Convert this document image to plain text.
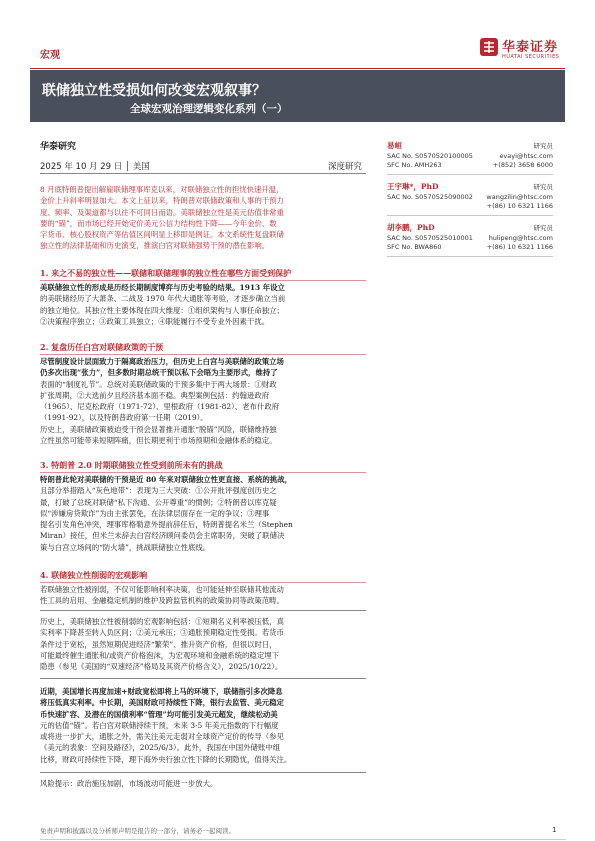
宏观
华泰证券
HUATAI SECURITIES
联储独立性受损如何改变宏观叙事？
全球宏观治理逻辑变化系列（一）
华泰研究
2025 年 10 月 29 日 │ 美国	深度研究
易峘	研究员
SAC No. S0570520100005	evayi@htsc.com
SFC No. AMH263	+(852) 3658 6000
王宇琳*，PhD	研究员
SAC No. S0570525090002 wangzilin@htsc.com
+(86) 10 6321 1166
胡李鹏，PhD	研究员
SAC No. S0570525010001 hulipeng@htsc.com
SFC No. BWA860	+(86) 10 6321 1166
8 月底特朗普提出解雇联储理事库克以来，对联储独立性的担忧快速升温，
金价上升斜率明显加大。本文上征以来，特朗普对联储政策和人事的干预力
度、频率、及渠道都与以往不可同日而语。美联储独立性是美元估值非常重
要的“锚”，而市场已经开始定价美元公信力结构性下降——今年金价、数
字货币、核心股权资产等估值区间明显上移即是例证。本文系统性复盘联储
独立性的法律基础和历史演变，推演白宫对联储强势干预的潜在影响。
1. 来之不易的独立性——联储和联储理事的独立性在哪些方面受到保护
美联储独立性的形成是历经长期制度博弈与历史考验的结果。1913 年设立
的美联储经历了大萧条、二战及 1970 年代大通胀等考验，才逐步确立当前
的独立地位。其独立性主要体现在四大维度：①组织架构与人事任命独立；
②决策程序独立；③政策工具独立；④职能履行不受专业外因素干扰。
2. 复盘历任白宫对联储政策的干预
尽管制度设计层面致力于隔离政治压力，但历史上白宫与美联储的政策立场
仍多次出现“张力”，但多数时期总统干预以私下会晤为主要形式，维持了
表面的“制度礼节”。总统对美联储政策的干预多集中于两大场景：①财政
扩张周期，②大选前夕且经济基本面不稳。典型案例包括：约翰逊政府
（1965）、尼克松政府（1971-72）、里根政府（1981-82）、老布什政府
（1991-92），以及特朗普政府第一任期（2019）。
历史上，美联储政策被迫受干预会显著推升通胀“脱锚”风险，联储维持独
立性虽然可能带来短期阵痛，但长期更利于市场预期和金融体系的稳定。
3. 特朗普 2.0 时期联储独立性受到前所未有的挑战
特朗普此轮对美联储的干预是近 80 年来对联储独立性更直接、系统的挑战，
且部分举措踏入“灰色地带”：表现为三大突破：①公开批评强度创历史之
最，打破了总统对联储“私下沟通、公开尊重”的惯例；②特朗普以库克疑
似“涉嫌房贷欺诈”为由主张罢免，在法律层面存在一定的争议；③理事
提名引发角色冲突，理事库格勒意外提前辞任后，特朗普提名米兰（Stephen
Miran）接任，但米兰未辞去白宫经济顾问委员会主席职务，突破了联储决
策与白宫立场间的“防火墙”，挑战联储独立性底线。
4. 联储独立性削弱的宏观影响
若联储独立性被削弱，不仅可能影响利率决策，也可能延伸至联储其他流动
性工具的启用、金融稳定机制的维护及跨监管机构的政策协同等政策范畴。
历史上，美联储独立性被削弱的宏观影响包括：①短期名义利率被压低，真
实利率下降甚至转入负区间；②美元承压；③通胀预期稳定性受损。若货币
条件过于宽松，虽然短期促进经济“繁荣”、推升资产价格，但很以时日，
可能最终催生通胀和/或资产价格泡沫，为宏观环境和金融系统的稳定埋下
隐患（参见《美国的“双速经济”格局及其资产价格含义》，2025/10/22）。
近期，美国增长再度加速+财政宽松即将上马的环境下，联储指引多次降息
将压低真实利率。中长期，美国财政可持续性下降，银行去监管、美元稳定
币快速扩容、及潜在的国债利率“管理”均可能引发美元超发，继续松动美
元的估值“锚”。若白宫对联储持续干预，未来 3-5 年美元指数的下行幅度
或将进一步扩大，通胀之外，需关注美元走弱对全球资产定价的传导（参见
《美元的表象：空间及路径》，2025/6/3）。此外，我国在中国外储账中组
比移，财政可持续性下降，理下海外央行独立性下降的长期隐忧，值得关注。
风险提示：政治施压加剧，市场波动可能进一步放大。
免责声明和披露以及分析师声明是报告的一部分，请务必一起阅读。	1
